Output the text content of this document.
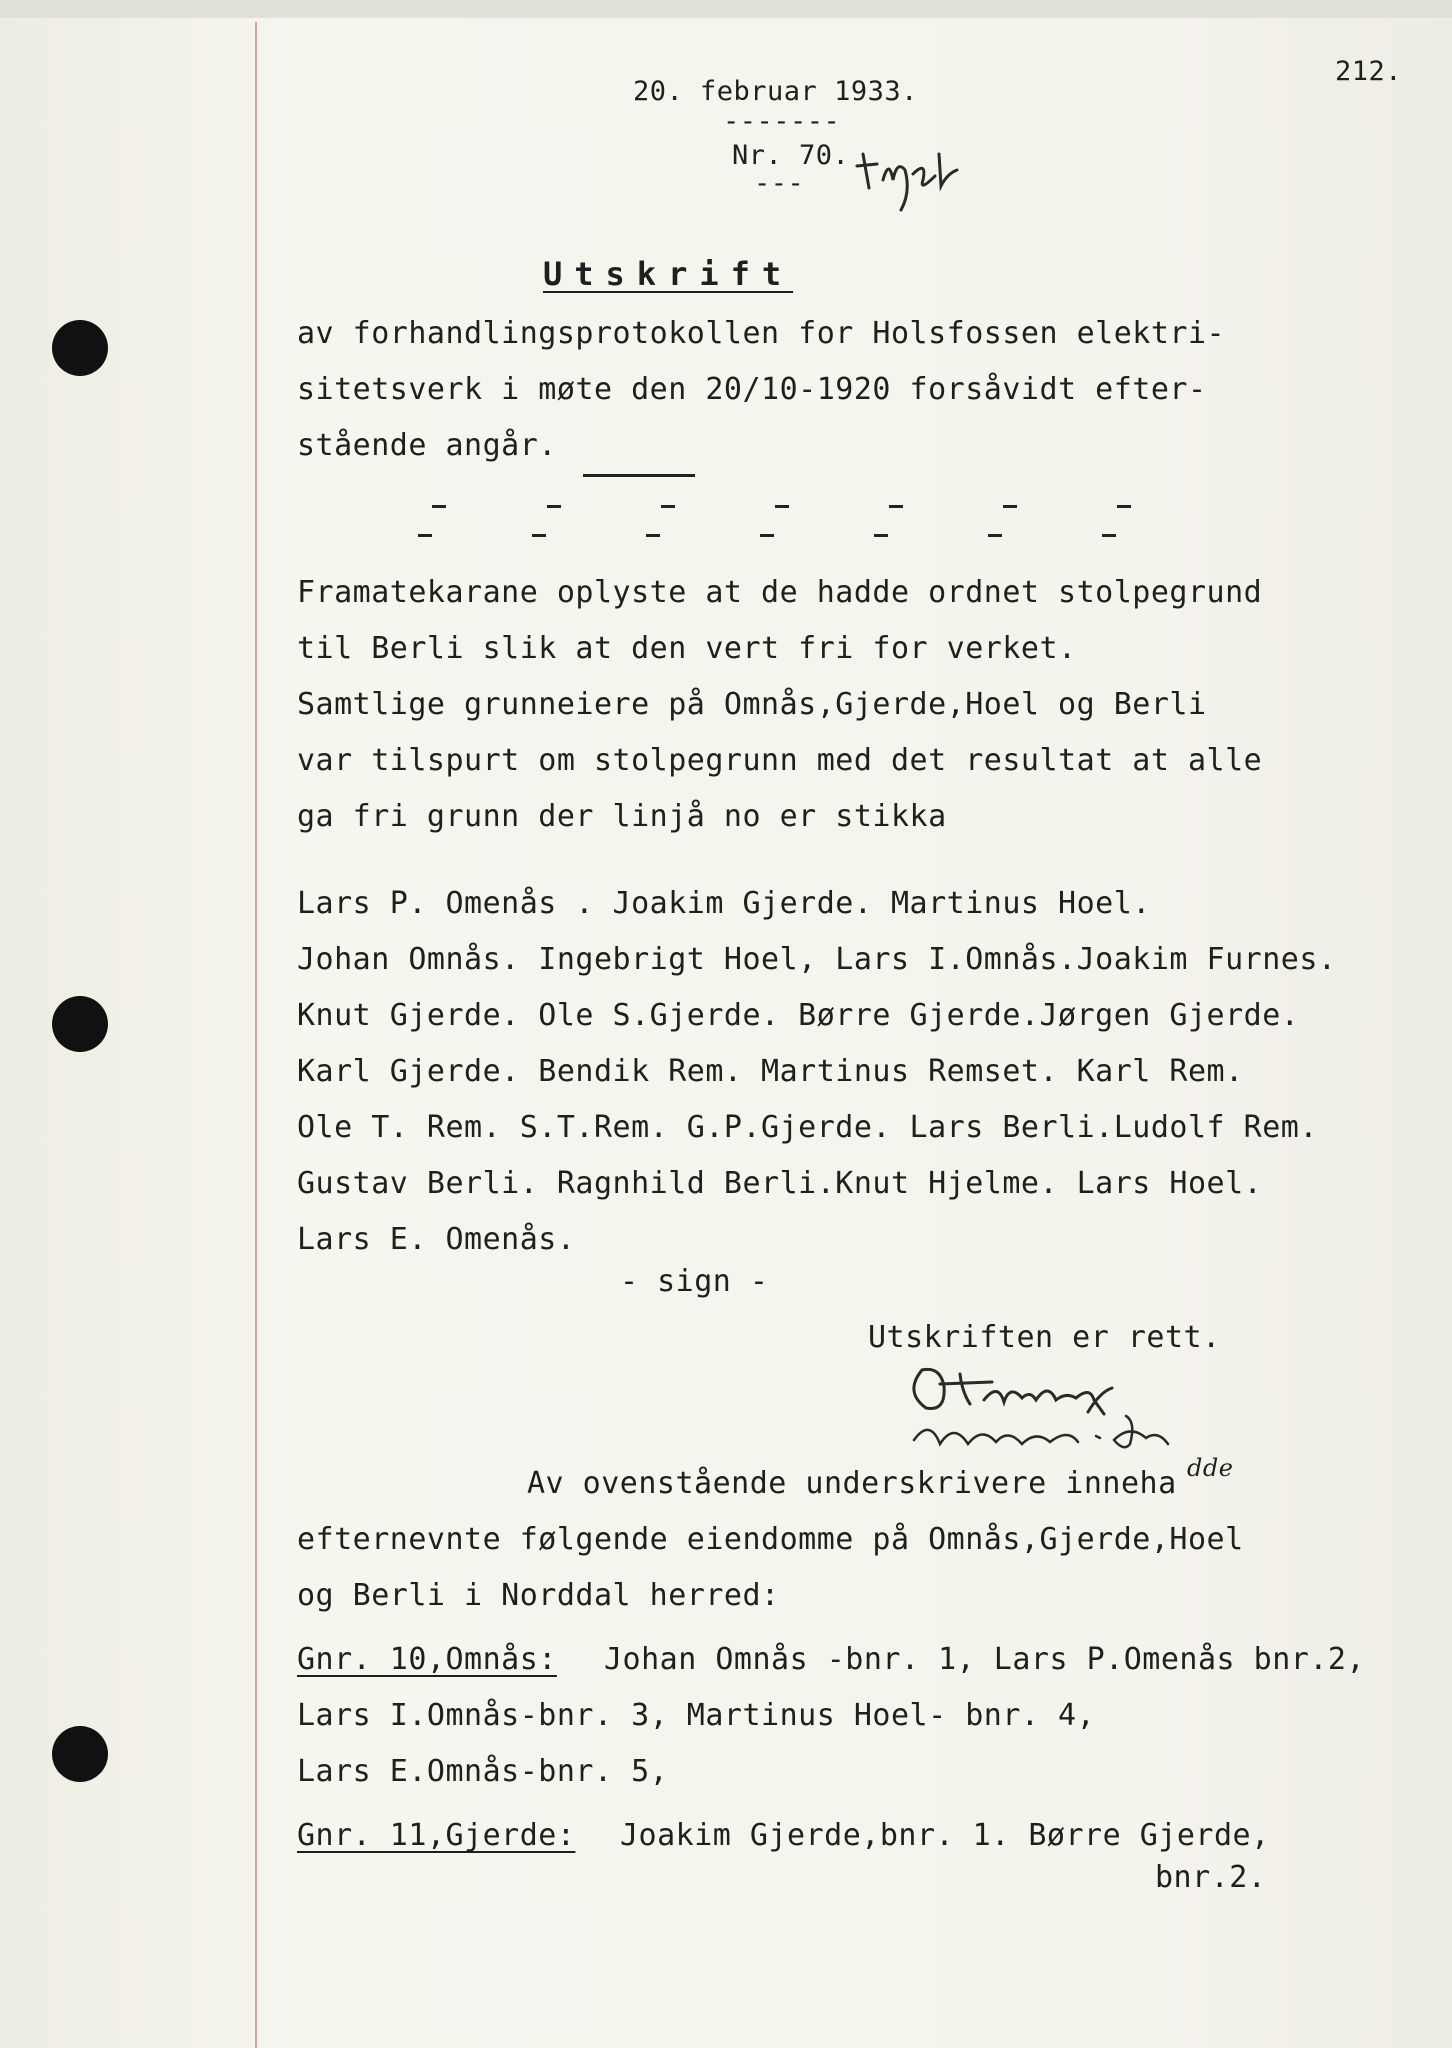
212.
20. februar 1933.
-------
Nr. 70.
---
Utskrift
av forhandlingsprotokollen for Holsfossen elektri-
sitetsverk i møte den 20/10-1920 forsåvidt efter-
stående angår.
Framatekarane oplyste at de hadde ordnet stolpegrund
til Berli slik at den vert fri for verket.
Samtlige grunneiere på Omnås,Gjerde,Hoel og Berli
var tilspurt om stolpegrunn med det resultat at alle
ga fri grunn der linjå no er stikka
Lars P. Omenås . Joakim Gjerde. Martinus Hoel.
Johan Omnås. Ingebrigt Hoel, Lars I.Omnås.Joakim Furnes.
Knut Gjerde. Ole S.Gjerde. Børre Gjerde.Jørgen Gjerde.
Karl Gjerde. Bendik Rem. Martinus Remset. Karl Rem.
Ole T. Rem. S.T.Rem. G.P.Gjerde. Lars Berli.Ludolf Rem.
Gustav Berli. Ragnhild Berli.Knut Hjelme. Lars Hoel.
Lars E. Omenås.
- sign -
Utskriften er rett.
Av ovenstående underskrivere inneha dde
efternevnte følgende eiendomme på Omnås,Gjerde,Hoel
og Berli i Norddal herred:
Gnr. 10,Omnås: Johan Omnås -bnr. 1, Lars P.Omenås bnr.2,
Lars I.Omnås-bnr. 3, Martinus Hoel- bnr. 4,
Lars E.Omnås-bnr. 5,
Gnr. 11,Gjerde: Joakim Gjerde,bnr. 1. Børre Gjerde,
bnr.2.
